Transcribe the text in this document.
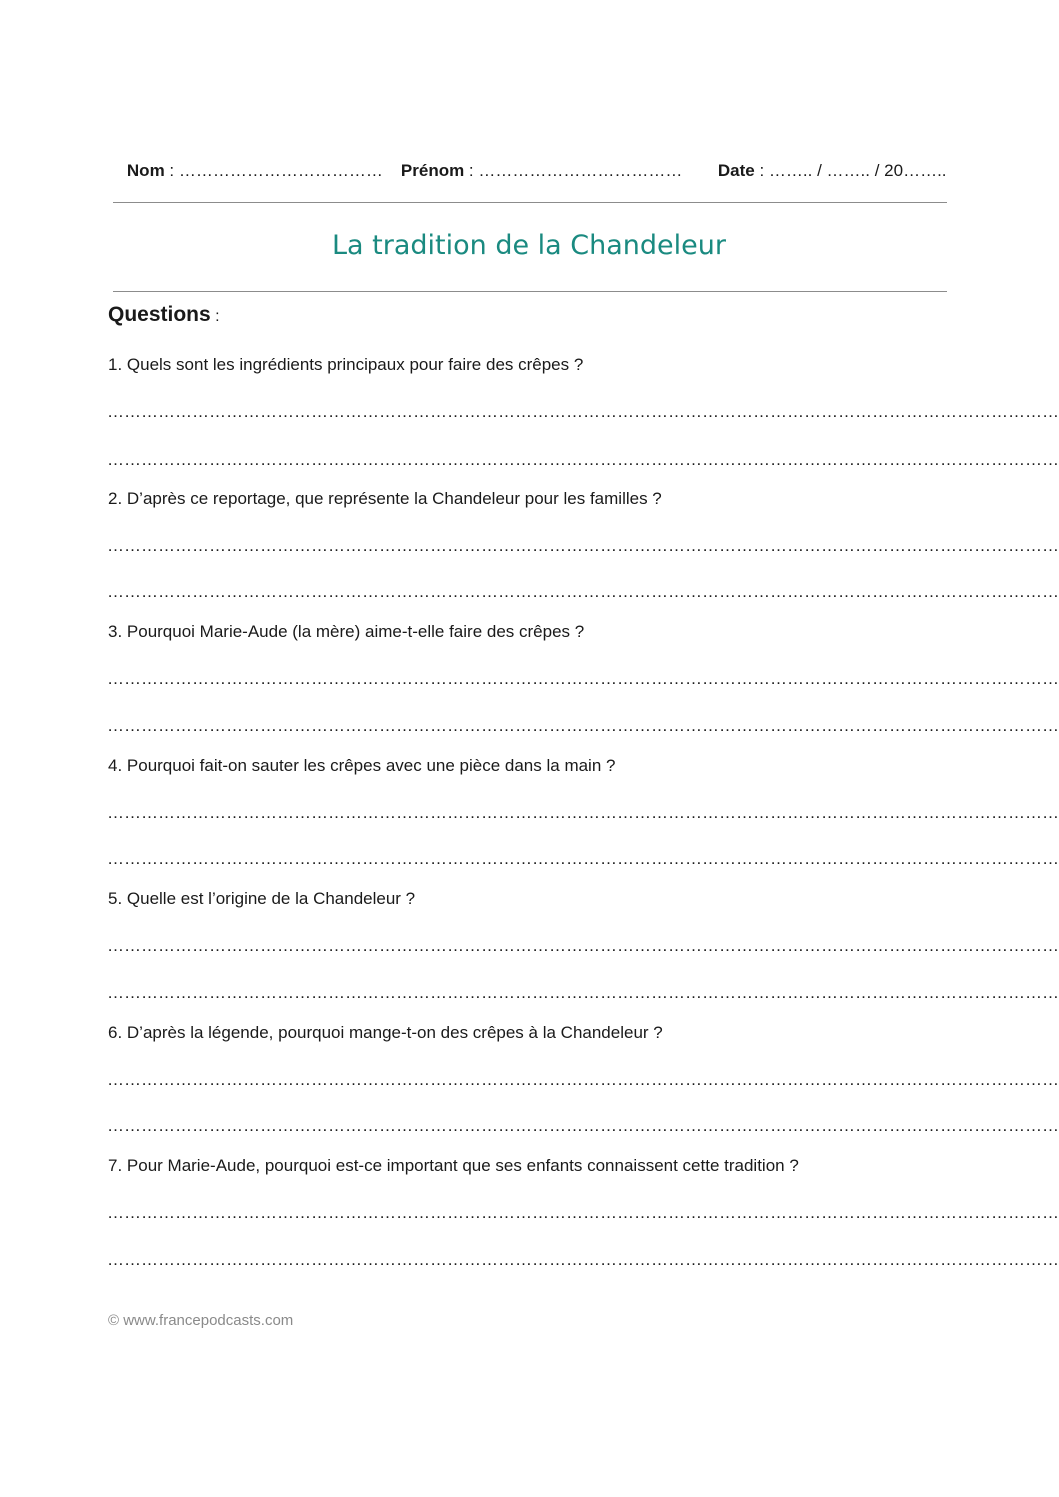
Nom : ………………………………
Prénom : ………………………………
	Date : …….. / …….. / 20……..

La tradition de la Chandeleur
Questions :
1. Quels sont les ingrédients principaux pour faire des crêpes ?
……………………………………………………………………………………………………………………………………………………
……………………………………………………………………………………………………………………………………………………
2. D’après ce reportage, que représente la Chandeleur pour les familles ?
……………………………………………………………………………………………………………………………………………………
……………………………………………………………………………………………………………………………………………………
3. Pourquoi Marie-Aude (la mère) aime-t-elle faire des crêpes ?
……………………………………………………………………………………………………………………………………………………
……………………………………………………………………………………………………………………………………………………
4. Pourquoi fait-on sauter les crêpes avec une pièce dans la main ?
……………………………………………………………………………………………………………………………………………………
……………………………………………………………………………………………………………………………………………………
5. Quelle est l’origine de la Chandeleur ?
……………………………………………………………………………………………………………………………………………………
……………………………………………………………………………………………………………………………………………………
6. D’après la légende, pourquoi mange-t-on des crêpes à la Chandeleur ?
……………………………………………………………………………………………………………………………………………………
……………………………………………………………………………………………………………………………………………………
7. Pour Marie-Aude, pourquoi est-ce important que ses enfants connaissent cette tradition ?
……………………………………………………………………………………………………………………………………………………
……………………………………………………………………………………………………………………………………………………
© www.francepodcasts.com
